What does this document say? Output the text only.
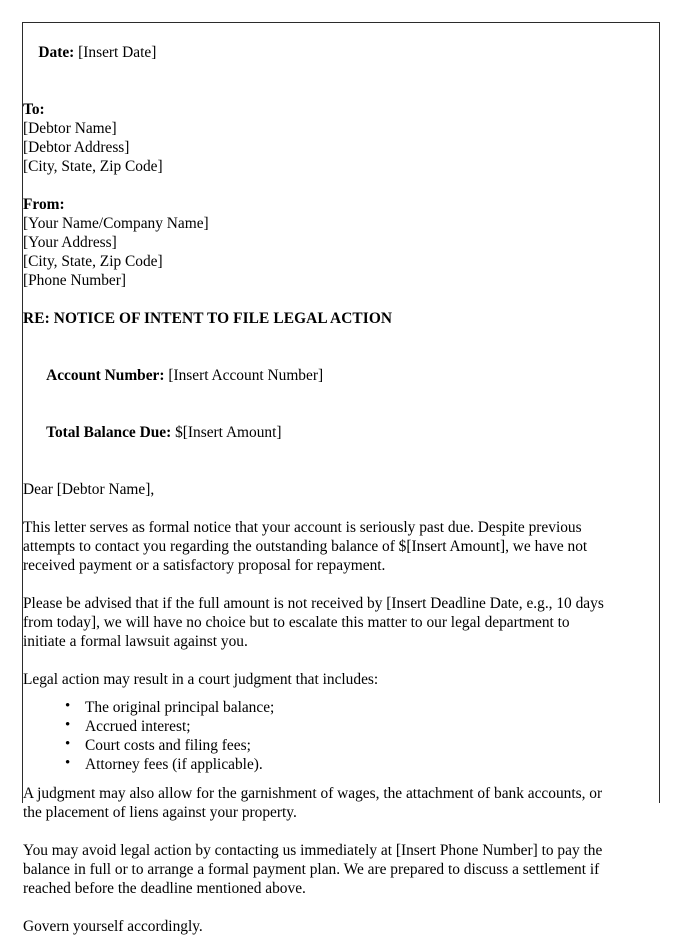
Date: [Insert Date]

To:
[Debtor Name]
[Debtor Address]
[City, State, Zip Code]
From:
[Your Name/Company Name]
[Your Address]
[City, State, Zip Code]
[Phone Number]
RE: NOTICE OF INTENT TO FILE LEGAL ACTION

Account Number: [Insert Account Number]

Total Balance Due: $[Insert Amount]

Dear [Debtor Name],

This letter serves as formal notice that your account is seriously past due. Despite previous attempts to contact you regarding the outstanding balance of $[Insert Amount], we have not received payment or a satisfactory proposal for repayment.

Please be advised that if the full amount is not received by [Insert Deadline Date, e.g., 10 days from today], we will have no choice but to escalate this matter to our legal department to initiate a formal lawsuit against you.

Legal action may result in a court judgment that includes:

• The original principal balance;
• Accrued interest;
• Court costs and filing fees;
• Attorney fees (if applicable).

A judgment may also allow for the garnishment of wages, the attachment of bank accounts, or the placement of liens against your property.

You may avoid legal action by contacting us immediately at [Insert Phone Number] to pay the balance in full or to arrange a formal payment plan. We are prepared to discuss a settlement if reached before the deadline mentioned above.

Govern yourself accordingly.
